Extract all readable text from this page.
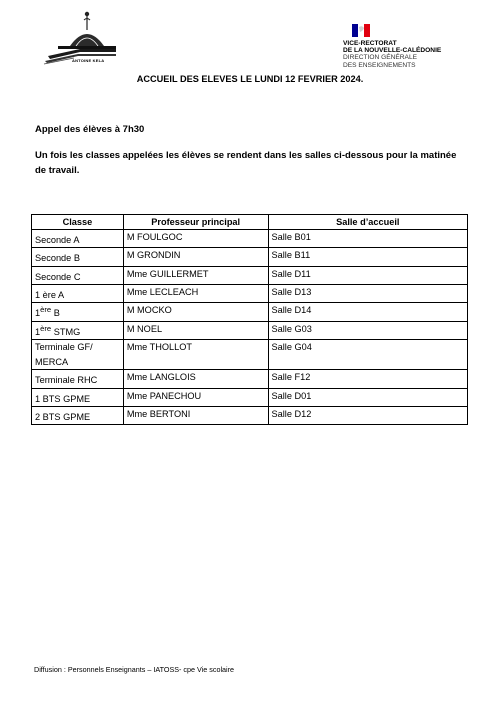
ANTOINE KELA
VICE-RECTORAT
DE LA NOUVELLE-CALÉDONIE
DIRECTION GÉNÉRALE
DES ENSEIGNEMENTS
ACCUEIL DES ELEVES LE LUNDI 12 FEVRIER 2024.
Appel des élèves à 7h30
Un fois les classes appelées les élèves se rendent dans les salles ci-dessous pour la matinée de travail.
Classe	Professeur principal	Salle d’accueil
Seconde A	M FOULGOC	Salle B01
Seconde B	M GRONDIN	Salle B11
Seconde C	Mme GUILLERMET	Salle D11
1 ère A	Mme LECLEACH	Salle D13
1ère B	M MOCKO	Salle D14
1ère STMG	M NOEL	Salle G03
Terminale GF/ MERCA	Mme THOLLOT	Salle G04
Terminale RHC	Mme LANGLOIS	Salle F12
1 BTS GPME	Mme PANECHOU	Salle D01
2 BTS GPME	Mme BERTONI	Salle D12
Diffusion : Personnels Enseignants – IATOSS- cpe Vie scolaire
